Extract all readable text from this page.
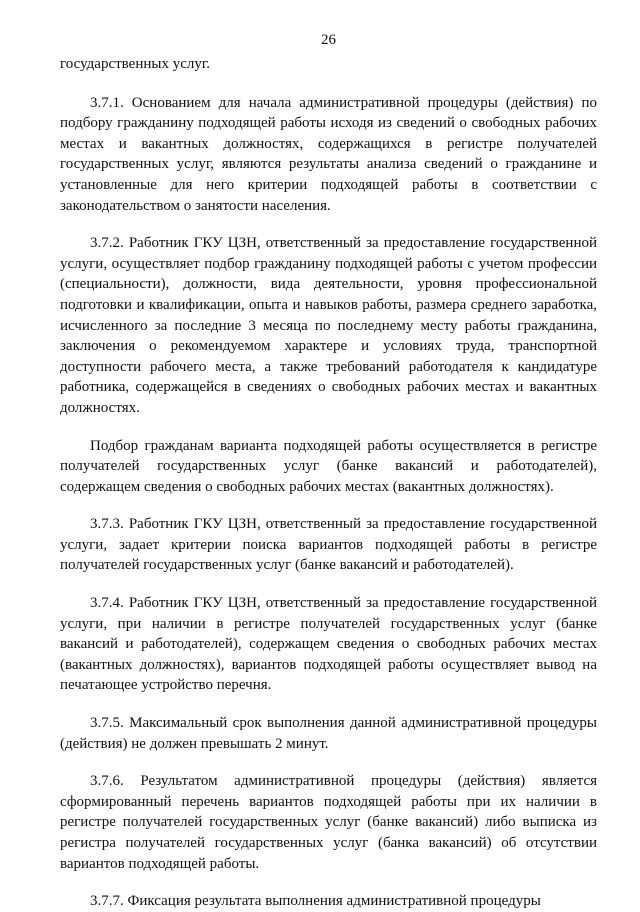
26

государственных услуг.

3.7.1. Основанием для начала административной процедуры (действия) по подбору гражданину подходящей работы исходя из сведений о свободных рабочих местах и вакантных должностях, содержащихся в регистре получателей государственных услуг, являются результаты анализа сведений о гражданине и установленные для него критерии подходящей работы в соответствии с законодательством о занятости населения.

3.7.2. Работник ГКУ ЦЗН, ответственный за предоставление государственной услуги, осуществляет подбор гражданину подходящей работы с учетом профессии (специальности), должности, вида деятельности, уровня профессиональной подготовки и квалификации, опыта и навыков работы, размера среднего заработка, исчисленного за последние 3 месяца по последнему месту работы гражданина, заключения о рекомендуемом характере и условиях труда, транспортной доступности рабочего места, а также требований работодателя к кандидатуре работника, содержащейся в сведениях о свободных рабочих местах и вакантных должностях.

Подбор гражданам варианта подходящей работы осуществляется в регистре получателей государственных услуг (банке вакансий и работодателей), содержащем сведения о свободных рабочих местах (вакантных должностях).

3.7.3. Работник ГКУ ЦЗН, ответственный за предоставление государственной услуги, задает критерии поиска вариантов подходящей работы в регистре получателей государственных услуг (банке вакансий и работодателей).

3.7.4. Работник ГКУ ЦЗН, ответственный за предоставление государственной услуги, при наличии в регистре получателей государственных услуг (банке вакансий и работодателей), содержащем сведения о свободных рабочих местах (вакантных должностях), вариантов подходящей работы осуществляет вывод на печатающее устройство перечня.

3.7.5. Максимальный срок выполнения данной административной процедуры (действия) не должен превышать 2 минут.

3.7.6. Результатом административной процедуры (действия) является сформированный перечень вариантов подходящей работы при их наличии в регистре получателей государственных услуг (банке вакансий) либо выписка из регистра получателей государственных услуг (банка вакансий) об отсутствии вариантов подходящей работы.

3.7.7. Фиксация результата выполнения административной процедуры
